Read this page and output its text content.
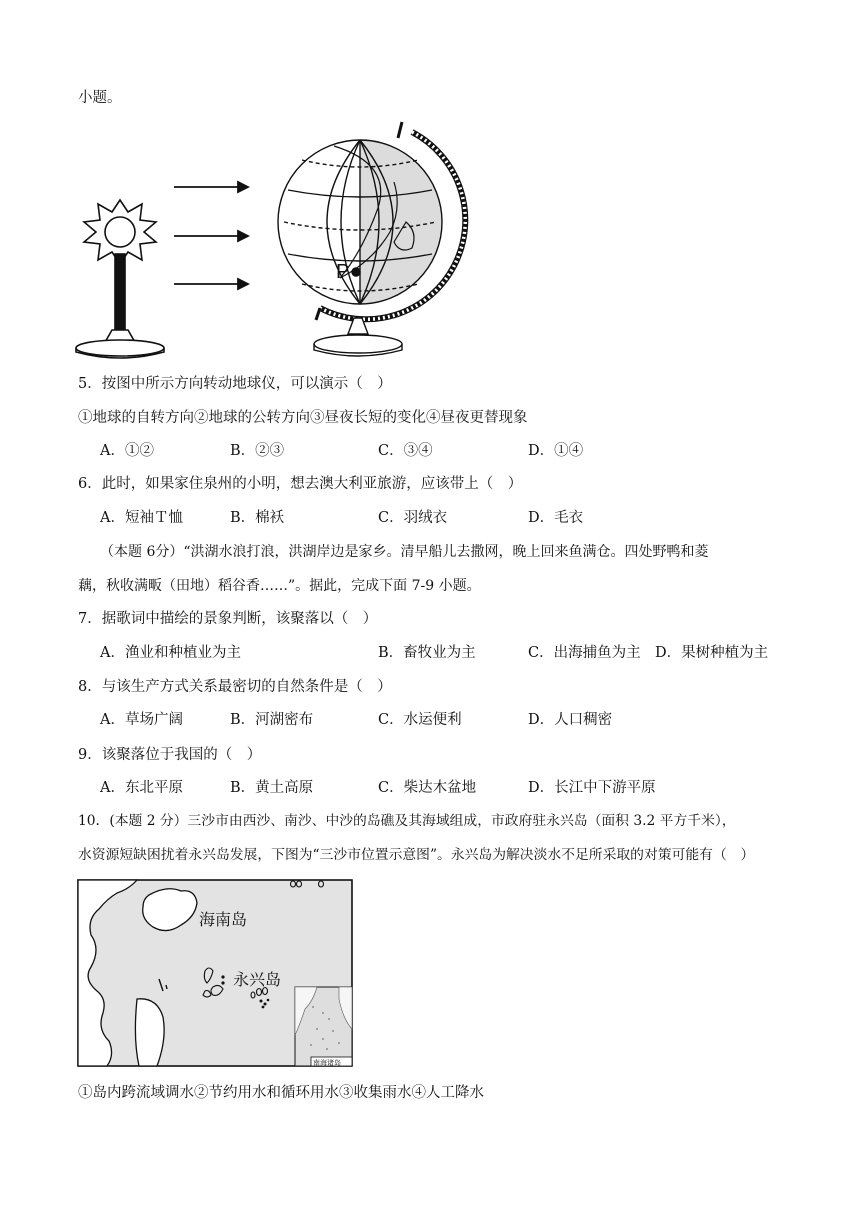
小题。
P
5．按图中所示方向转动地球仪，可以演示（　）
①地球的自转方向②地球的公转方向③昼夜长短的变化④昼夜更替现象
A．①②	B．②③	C．③④	D．①④
6．此时，如果家住泉州的小明，想去澳大利亚旅游，应该带上（　）
A．短袖Ｔ恤	B．棉袄	C．羽绒衣	D．毛衣
（本题 6分）“洪湖水浪打浪，洪湖岸边是家乡。清早船儿去撒网，晚上回来鱼满仓。四处野鸭和菱
藕，秋收满畈（田地）稻谷香……”。据此，完成下面 7-9 小题。
7．据歌词中描绘的景象判断，该聚落以（　）
A．渔业和种植业为主	B．畜牧业为主	C．出海捕鱼为主 D．果树种植为主
8．与该生产方式关系最密切的自然条件是（　）
A．草场广阔	B．河湖密布	C．水运便利	D．人口稠密
9．该聚落位于我国的（　）
A．东北平原	B．黄土高原	C．柴达木盆地	D．长江中下游平原
10．(本题 2 分）三沙市由西沙、南沙、中沙的岛礁及其海域组成，市政府驻永兴岛（面积 3.2 平方千米），
水资源短缺困扰着永兴岛发展，下图为“三沙市位置示意图”。永兴岛为解决淡水不足所采取的对策可能有（　）
南海诸岛
海南岛
永兴岛
①岛内跨流域调水②节约用水和循环用水③收集雨水④人工降水
